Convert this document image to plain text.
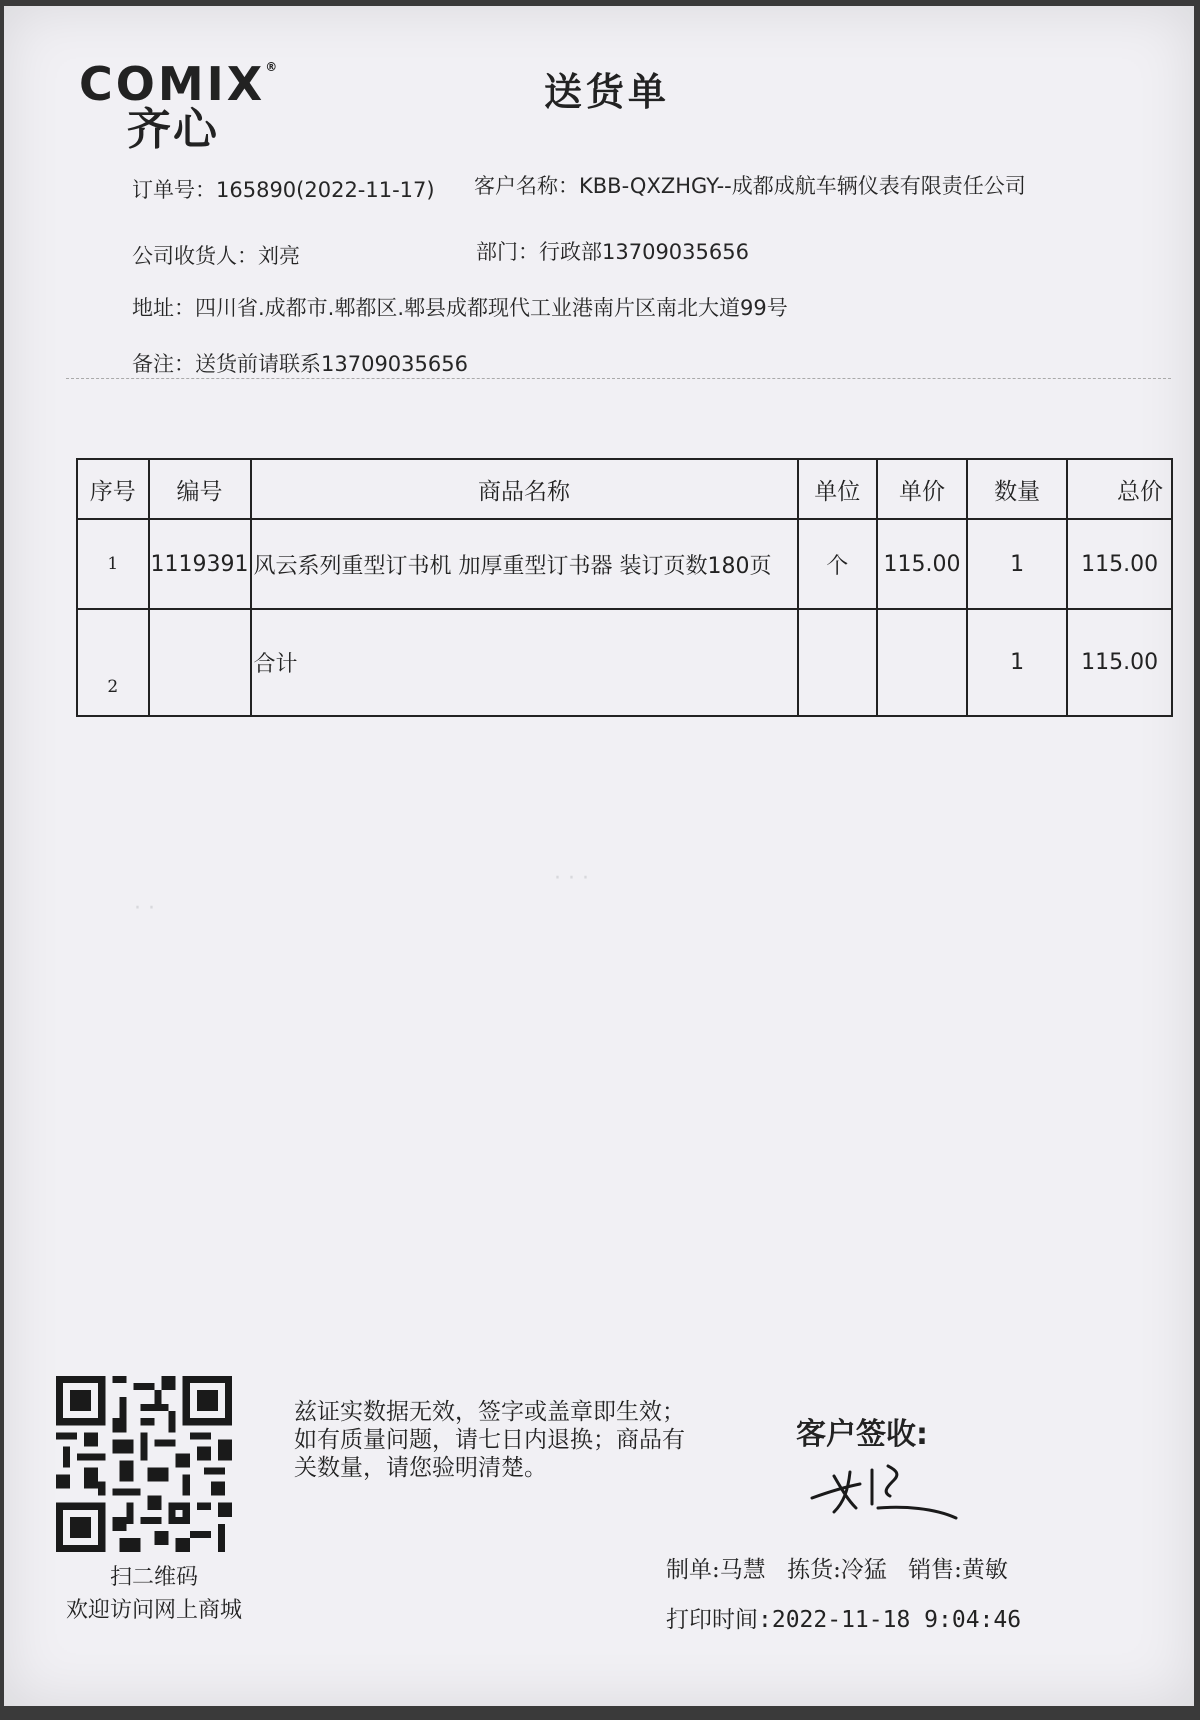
COMIX®
齐心
送货单
订单号：165890(2022-11-17) 客户名称：KBB-QXZHGY--成都成航车辆仪表有限责任公司
公司收货人：刘亮	部门：行政部13709035656
地址：四川省.成都市.郫都区.郫县成都现代工业港南片区南北大道99号
备注：送货前请联系13709035656
序号	编号	商品名称	单位	单价	数量	总价
1	1119391	风云系列重型订书机 加厚重型订书器 装订页数180页	个	115.00	1	115.00
2		合计			1	115.00
· ·
· · ·
扫二维码
欢迎访问网上商城
兹证实数据无效，签字或盖章即生效；如有质量问题，请七日内退换；商品有关数量，请您验明清楚。
客户签收:
制单:马慧 拣货:冷猛 销售:黄敏
打印时间:2022-11-18 9:04:46
